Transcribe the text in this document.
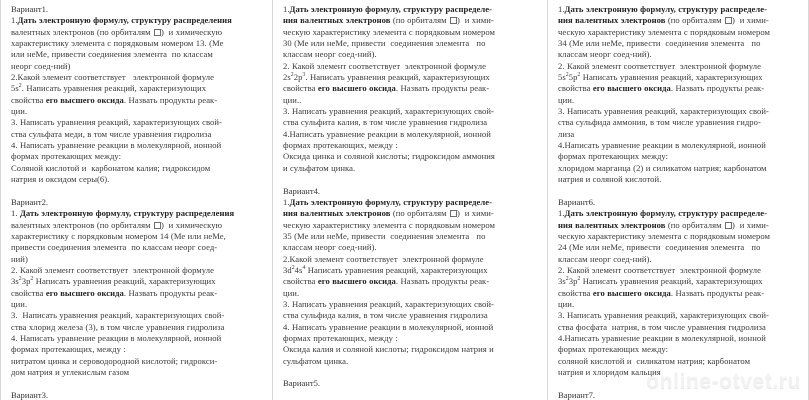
Вариант1.

1.Дать электронную формулу, структуру распределения

валентных электронов (по орбиталям )  и химическую

характеристику элемента с порядковым номером 13. (Ме

или неМе, привести соединения элемента  по классам

неорг соед-ний)

2.Какой элемент соответствует   электронной формуле

$5s^2$. Написать уравнения реакций, характеризующих

свойства его высшего оксида. Назвать продукты реак-

ции.

3. Написать уравнения реакций, характеризующих свой-

ства сульфата меди, в том числе уравнения гидролиза

4. Написать уравнение реакции в молекулярной, ионной

формах протекающих между:

Соляной кислотой и  карбонатом калия; гидроксидом

натрия и оксидом серы(6).

Вариант2.

1. Дать электронную формулу, структуру распределения

валентных электронов (по орбиталям )  и химическую

характеристику с порядковым номером 14 (Ме или неМе,

привести соединения элемента  по классам неорг соед-

ний)

2. Какой элемент соответствует  электронной формуле

$3s^23p^2$ Написать уравнения реакций, характеризующих

свойства его высшего оксида. Назвать продукты реак-

ции.

3.  Написать уравнения реакций, характеризующих свой-

ства хлорид железа (3), в том числе уравнения гидролиза

4. Написать уравнение реакции в молекулярной, ионной

формах протекающих, между :

нитратом цинка и сероводородной кислотой; гидрокси-

дом натрия и углекислым газом

Вариант3.

1.Дать электронную формулу, структуру распределе-

ния валентных электронов (по орбиталям )  и хими-

ческую характеристику элемента с порядковым номером

30 (Ме или неМе, привести  соединения элемента   по

классам неорг соед-ний).

2. Какой элемент соответствует  электронной формуле

$2s^22p^3$. Написать уравнения реакций, характеризующих

свойства его высшего оксида. Назвать продукты реак-

ции..

3. Написать уравнения реакций, характеризующих свой-

ства сульфита калия, в том числе уравнения гидролиза

4.Написать уравнение реакции в молекулярной, ионной

формах протекающих, между :

Оксида цинка и соляной кислоты; гидроксидом аммония

и сульфатом цинка.

Вариант4.

1.Дать электронную формулу, структуру распределе-

ния валентных электронов (по орбиталям )  и хими-

ческую характеристику элемента с порядковым номером

35 (Ме или неМе, привести  соединения элемента   по

классам неорг соед-ний).

2.Какой элемент соответствует  электронной формуле

$3d^24s^4$ Написать уравнения реакций, характеризующих

свойства его высшего оксида. Назвать продукты реак-

ции.

3. Написать уравнения реакций, характеризующих свой-

ства сульфида калия, в том числе уравнения гидролиза

4. Написать уравнение реакции в молекулярной, ионной

формах протекающих, между :

Оксида калия и соляной кислоты; гидроксидом натрия и

сульфатом цинка.

Вариант5.

1.Дать электронную формулу, структуру распределе-

ния валентных электронов (по орбиталям )  и хими-

ческую характеристику элемента с порядковым номером

34 (Ме или неМе, привести  соединения элемента   по

классам неорг соед-ний).

2. Какой элемент соответствует  электронной формуле

$5s^25p^2$ Написать уравнения реакций, характеризующих

свойства его высшего оксида. Назвать продукты реак-

ции.

3. Написать уравнения реакций, характеризующих свой-

ства сульфида аммония, в том числе уравнения гидро-

лиза

4.Написать уравнение реакции в молекулярной, ионной

формах протекающих между:

хлоридом марганца (2) и силикатом натрия; карбонатом

натрия и соляной кислотой.

Вариант6.

1.Дать электронную формулу, структуру распределе-

ния валентных электронов (по орбиталям )  и хими-

ческую характеристику элемента с порядковым номером

24 (Ме или неМе, привести  соединения элемента   по

классам неорг соед-ний).

2. Какой элемент соответствует  электронной формуле

$3s^23p^2$ Написать уравнения реакций, характеризующих

свойства его высшего оксида. Назвать продукты реак-

ции.

3. Написать уравнения реакций, характеризующих свой-

ства фосфата  натрия, в том числе уравнения гидролиза

4.Написать уравнение реакции в молекулярной, ионной

формах протекающих между:

соляной кислотой и  силикатом натрия; карбонатом

натрия и хлоридом кальция

Вариант7.

online-otvet.ru
